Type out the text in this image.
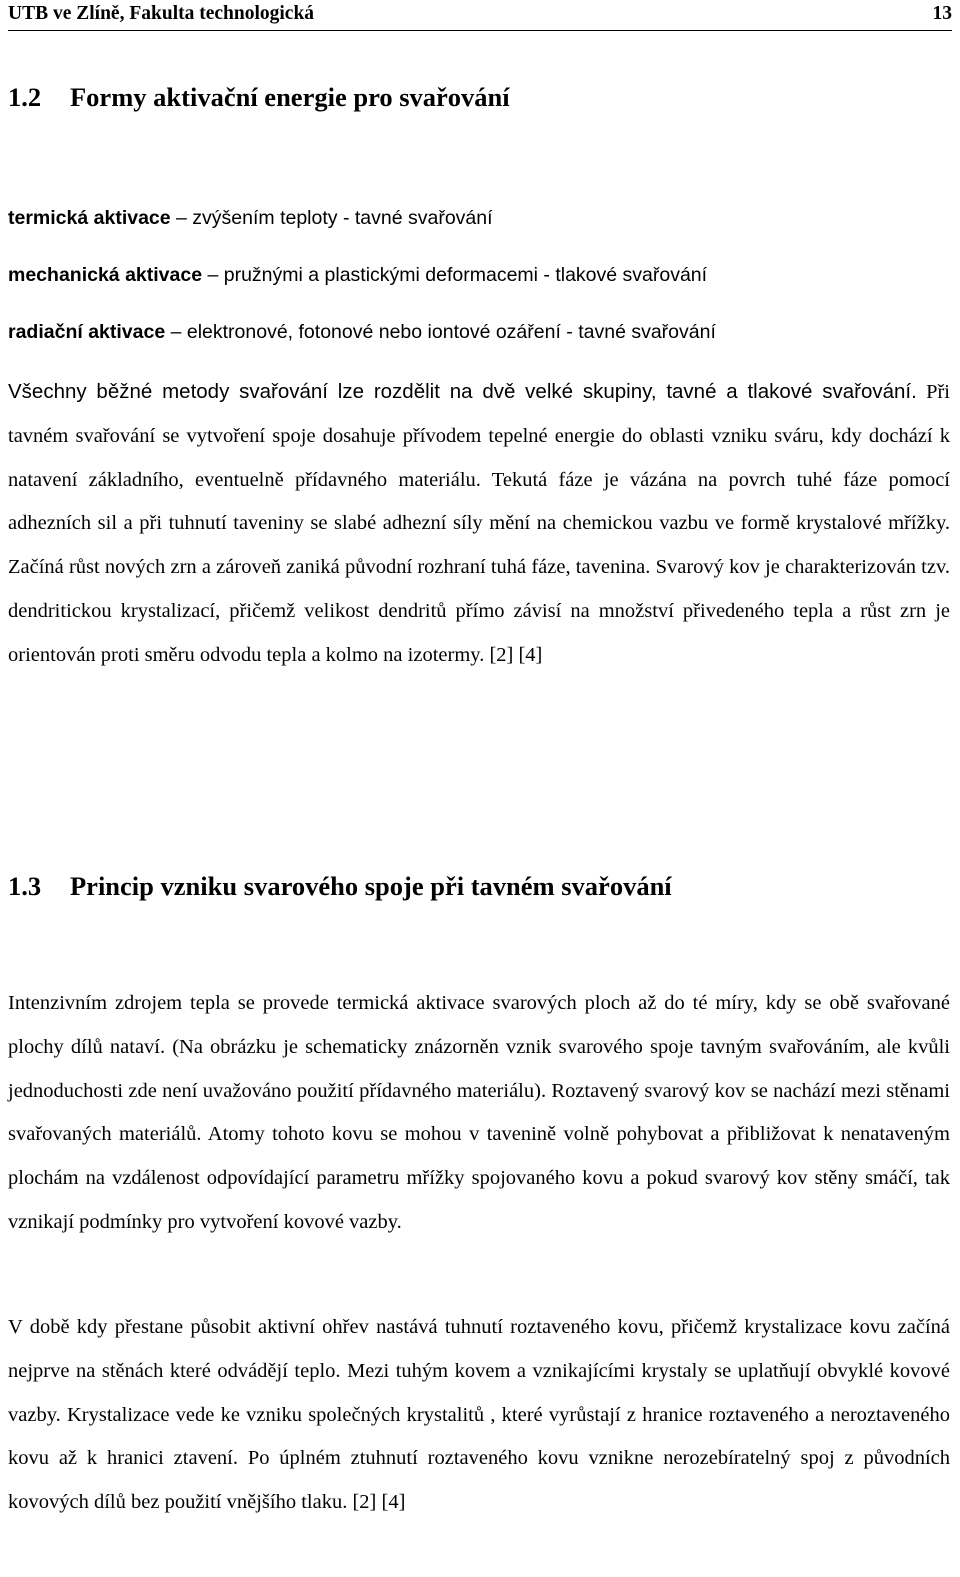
UTB ve Zlíně, Fakultа technologická	13
1.2 Formy aktivační energie pro svařování
termická aktivace – zvýšením teploty - tavné svařování
mechanická aktivace – pružnými a plastickými deformacemi - tlakové svařování
radiační aktivace – elektronové, fotonové nebo iontové ozáření - tavné svařování

Všechny běžné metody svařování lze rozdělit na dvě velké skupiny, tavné a tlakové svařování. Při tavném svařování se vytvoření spoje dosahuje přívodem tepelné energie do oblasti vzniku sváru, kdy dochází k natavení základního, eventuelně přídavného materiálu. Tekutá fáze je vázána na povrch tuhé fáze pomocí adhezních sil a při tuhnutí taveniny se slabé adhezní síly mění na chemickou vazbu ve formě krystalové mřížky. Začíná růst nových zrn a zároveň zaniká původní rozhraní tuhá fáze, tavenina. Svarový kov je charakterizován tzv. dendritickou krystalizací, přičemž velikost dendritů přímo závisí na množství přivedeného tepla a růst zrn je orientován proti směru odvodu tepla a kolmo na izotermy. [2] [4]

1.3 Princip vzniku svarového spoje při tavném svařování

Intenzivním zdrojem tepla se provede termická aktivace svarových ploch až do té míry, kdy se obě svařované plochy dílů nataví. (Na obrázku je schematicky znázorněn vznik svarového spoje tavným svařováním, ale kvůli jednoduchosti zde není uvažováno použití přídavného materiálu). Roztavený svarový kov se nachází mezi stěnami svařovaných materiálů. Atomy tohoto kovu se mohou v tavenině volně pohybovat a přibližovat k nenataveným plochám na vzdálenost odpovídající parametru mřížky spojovaného kovu a pokud svarový kov stěny smáčí, tak vznikají podmínky pro vytvoření kovové vazby.

V době kdy přestane působit aktivní ohřev nastává tuhnutí roztaveného kovu, přičemž krystalizace kovu začíná nejprve na stěnách které odvádějí teplo. Mezi tuhým kovem a vznikajícími krystaly se uplatňují obvyklé kovové vazby. Krystalizace vede ke vzniku společných krystalitů , které vyrůstají z hranice roztaveného a neroztaveného kovu až k hranici ztavení. Po úplném ztuhnutí roztaveného kovu vznikne nerozebíratelný spoj z původních kovových dílů bez použití vnějšího tlaku. [2] [4]
